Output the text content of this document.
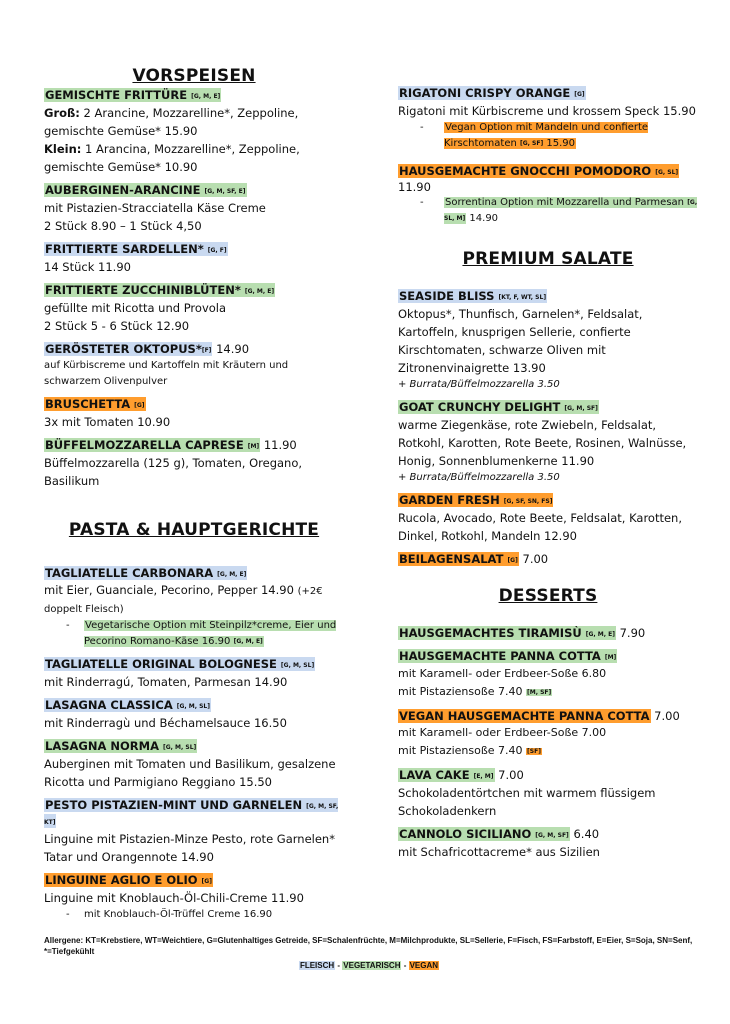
VORSPEISEN
GEMISCHTE FRITTÜRE [G, M, E]
Groß: 2 Arancine, Mozzarelline*, Zeppoline, gemischte Gemüse* 15.90
Klein: 1 Arancina, Mozzarelline*, Zeppoline, gemischte Gemüse* 10.90
AUBERGINEN-ARANCINE [G, M, SF, E]
mit Pistazien-Stracciatella Käse Creme
2 Stück 8.90 – 1 Stück 4,50
FRITTIERTE SARDELLEN* [G, F]
14 Stück 11.90
FRITTIERTE ZUCCHINIBLÜTEN* [G, M, E]
gefüllte mit Ricotta und Provola
2 Stück 5 - 6 Stück 12.90
GERÖSTETER OKTOPUS*[F] 14.90
auf Kürbiscreme und Kartoffeln mit Kräutern und schwarzem Olivenpulver
BRUSCHETTA [G]
3x mit Tomaten 10.90
BÜFFELMOZZARELLA CAPRESE [M] 11.90
Büffelmozzarella (125 g), Tomaten, Oregano, Basilikum
PASTA & HAUPTGERICHTE
TAGLIATELLE CARBONARA [G, M, E]
mit Eier, Guanciale, Pecorino, Pepper 14.90 (+2€ doppelt Fleisch)
- Vegetarische Option mit Steinpilz*creme, Eier und Pecorino Romano-Käse 16.90 [G, M, E]
TAGLIATELLE ORIGINAL BOLOGNESE [G, M, SL]
mit Rinderragú, Tomaten, Parmesan 14.90
LASAGNA CLASSICA [G, M, SL]
mit Rinderragù und Béchamelsauce 16.50
LASAGNA NORMA [G, M, SL]
Auberginen mit Tomaten und Basilikum, gesalzene Ricotta und Parmigiano Reggiano 15.50
PESTO PISTAZIEN-MINT UND GARNELEN [G, M, SF, KT]
Linguine mit Pistazien-Minze Pesto, rote Garnelen* Tatar und Orangennote 14.90
LINGUINE AGLIO E OLIO [G]
Linguine mit Knoblauch-Öl-Chili-Creme 11.90
- mit Knoblauch-Öl-Trüffel Creme 16.90
RIGATONI CRISPY ORANGE [G]
Rigatoni mit Kürbiscreme und krossem Speck 15.90
- Vegan Option mit Mandeln und confierte Kirschtomaten [G, SF] 15.90
HAUSGEMACHTE GNOCCHI POMODORO [G, SL] 11.90
- Sorrentina Option mit Mozzarella und Parmesan [G, SL, M] 14.90
PREMIUM SALATE
SEASIDE BLISS [KT, F, WT, SL]
Oktopus*, Thunfisch, Garnelen*, Feldsalat, Kartoffeln, knusprigen Sellerie, confierte Kirschtomaten, schwarze Oliven mit Zitronenvinaigrette 13.90
+ Burrata/Büffelmozzarella 3.50
GOAT CRUNCHY DELIGHT [G, M, SF]
warme Ziegenkäse, rote Zwiebeln, Feldsalat, Rotkohl, Karotten, Rote Beete, Rosinen, Walnüsse, Honig, Sonnenblumenkerne 11.90
+ Burrata/Büffelmozzarella 3.50
GARDEN FRESH [G, SF, SN, FS]
Rucola, Avocado, Rote Beete, Feldsalat, Karotten, Dinkel, Rotkohl, Mandeln 12.90
BEILAGENSALAT [G] 7.00
DESSERTS
HAUSGEMACHTES TIRAMISÙ [G, M, E] 7.90
HAUSGEMACHTE PANNA COTTA [M]
mit Karamell- oder Erdbeer-Soße 6.80
mit Pistaziensoße 7.40 [M, SF]
VEGAN HAUSGEMACHTE PANNA COTTA 7.00
mit Karamell- oder Erdbeer-Soße 7.00
mit Pistaziensoße 7.40 [SF]
LAVA CAKE [E, M] 7.00
Schokoladentörtchen mit warmem flüssigem Schokoladenkern
CANNOLO SICILIANO [G, M, SF] 6.40
mit Schafricottacreme* aus Sizilien
Allergene: KT=Krebstiere, WT=Weichtiere, G=Glutenhaltiges Getreide, SF=Schalenfrüchte, M=Milchprodukte, SL=Sellerie, F=Fisch, FS=Farbstoff, E=Eier, S=Soja, SN=Senf, *=Tiefgekühlt
FLEISCH - VEGETARISCH - VEGAN
